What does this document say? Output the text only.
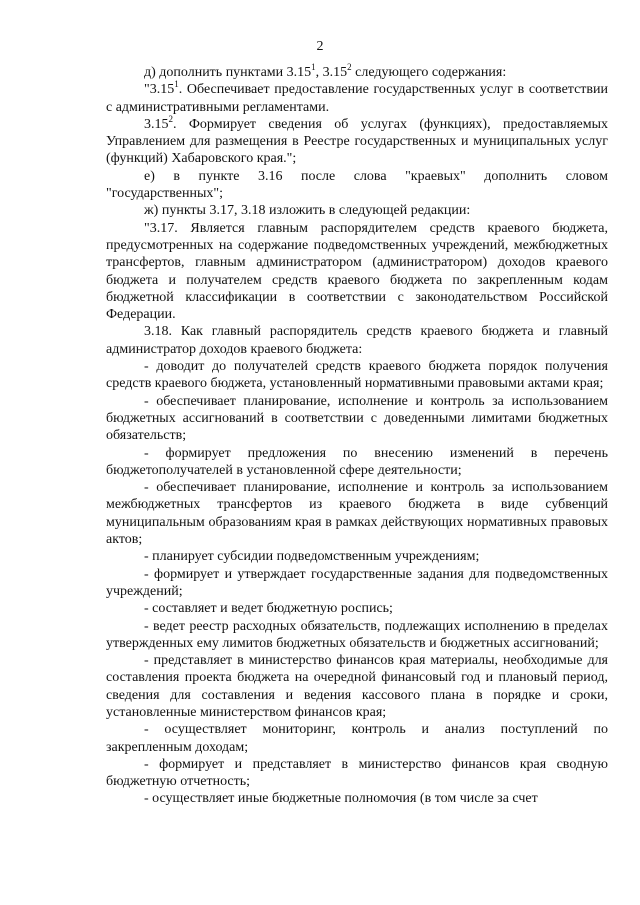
2

д) дополнить пунктами 3.15$^1$, 3.15$^2$ следующего содержания:

"3.15$^1$. Обеспечивает предоставление государственных услуг в соответствии с административными регламентами.

3.15$^2$. Формирует сведения об услугах (функциях), предоставляемых Управлением для размещения в Реестре государственных и муниципальных услуг (функций) Хабаровского края.";

е) в пункте 3.16 после слова "краевых" дополнить словом "государственных";

ж) пункты 3.17, 3.18 изложить в следующей редакции:

"3.17. Является главным распорядителем средств краевого бюджета, предусмотренных на содержание подведомственных учреждений, межбюджетных трансфертов, главным администратором (администратором) доходов краевого бюджета и получателем средств краевого бюджета по закрепленным кодам бюджетной классификации в соответствии с законодательством Российской Федерации.

3.18. Как главный распорядитель средств краевого бюджета и главный администратор доходов краевого бюджета:

- доводит до получателей средств краевого бюджета порядок получения средств краевого бюджета, установленный нормативными правовыми актами края;

- обеспечивает планирование, исполнение и контроль за использованием бюджетных ассигнований в соответствии с доведенными лимитами бюджетных обязательств;

- формирует предложения по внесению изменений в перечень бюджетополучателей в установленной сфере деятельности;

- обеспечивает планирование, исполнение и контроль за использованием межбюджетных трансфертов из краевого бюджета в виде субвенций муниципальным образованиям края в рамках действующих нормативных правовых актов;

- планирует субсидии подведомственным учреждениям;

- формирует и утверждает государственные задания для подведомственных учреждений;

- составляет и ведет бюджетную роспись;

- ведет реестр расходных обязательств, подлежащих исполнению в пределах утвержденных ему лимитов бюджетных обязательств и бюджетных ассигнований;

- представляет в министерство финансов края материалы, необходимые для составления проекта бюджета на очередной финансовый год и плановый период, сведения для составления и ведения кассового плана в порядке и сроки, установленные министерством финансов края;

- осуществляет мониторинг, контроль и анализ поступлений по закрепленным доходам;

- формирует и представляет в министерство финансов края сводную бюджетную отчетность;

- осуществляет иные бюджетные полномочия (в том числе за счет
